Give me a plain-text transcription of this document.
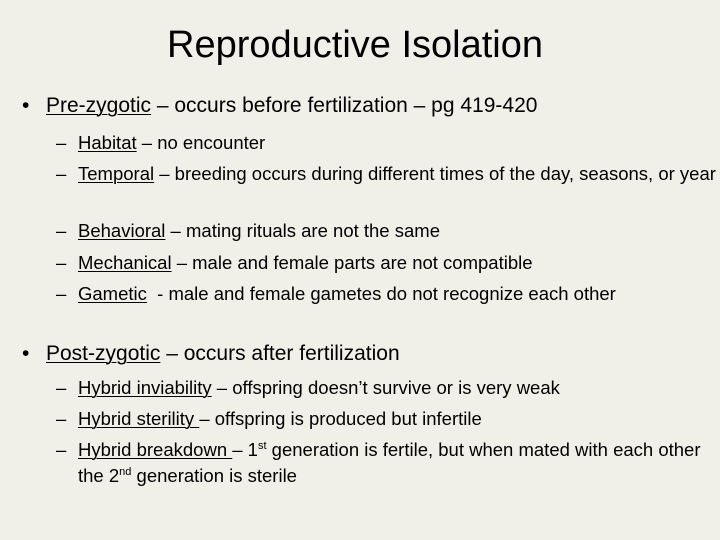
Reproductive Isolation
• Pre-zygotic – occurs before fertilization – pg 419-420
– Habitat – no encounter
– Temporal – breeding occurs during different times of the day, seasons, or year
– Behavioral – mating rituals are not the same
– Mechanical – male and female parts are not compatible
– Gametic  - male and female gametes do not recognize each other
• Post-zygotic – occurs after fertilization
– Hybrid inviability – offspring doesn’t survive or is very weak
– Hybrid sterility – offspring is produced but infertile
– Hybrid breakdown – 1st generation is fertile, but when mated with each other the 2nd generation is sterile
